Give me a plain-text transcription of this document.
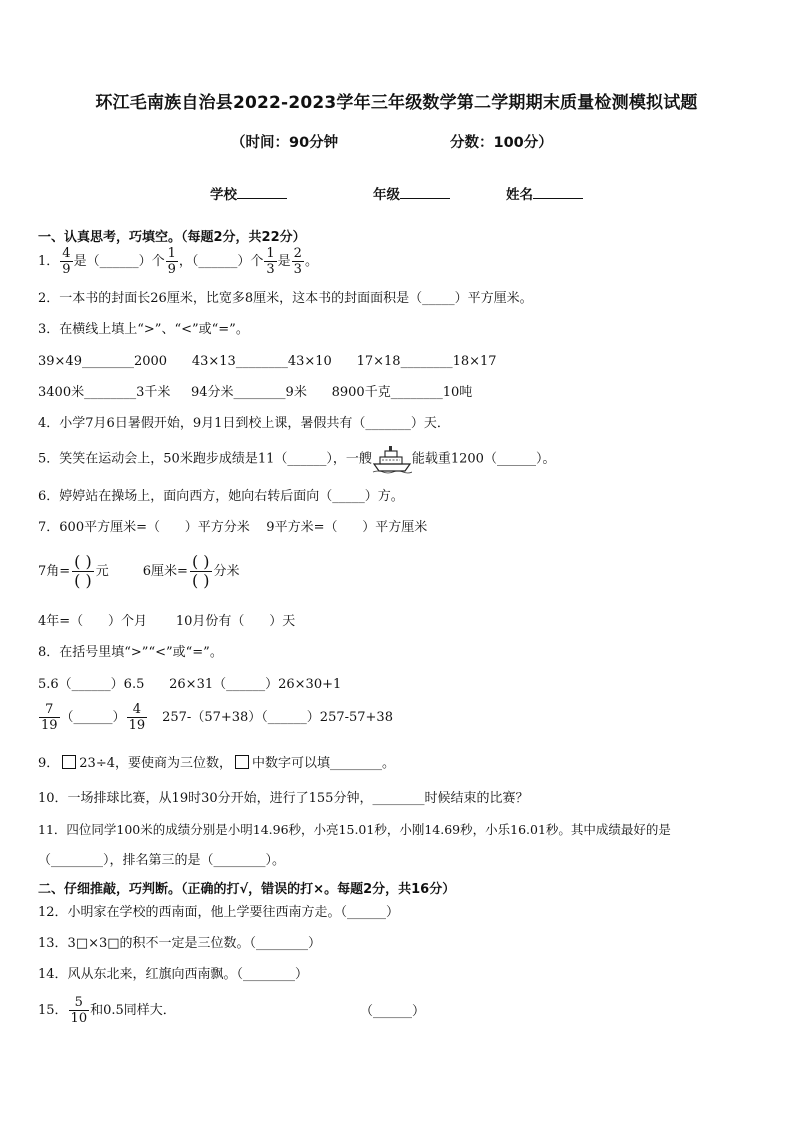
环江毛南族自治县2022-2023学年三年级数学第二学期期末质量检测模拟试题
（时间：90分钟	分数：100分）
学校	年级	姓名
一、认真思考，巧填空。（每题2分，共22分）
1． $\frac{4}{9}$ 是（______）个 $\frac{1}{9}$ ，（______）个 $\frac{1}{3}$ 是 $\frac{2}{3}$ 。
2．一本书的封面长26厘米，比宽多8厘米，这本书的封面面积是（_____）平方厘米。
3．在横线上填上“>”、“<”或“=”。
39×49________2000      43×13________43×10      17×18________18×17
3400米________3千米     94分米________9米      8900千克________10吨
4．小学7月6日暑假开始，9月1日到校上课，暑假共有（_______）天．
5．笑笑在运动会上，50米跑步成绩是11（______），一艘	能载重1200（______）。
6．婷婷站在操场上，面向西方，她向右转后面向（_____）方。
7．600平方厘米=（      ）平方分米    9平方米=（      ）平方厘米
7角=
( )
( ) 元	6厘米=
( )
( ) 分米
4年=（      ）个月       10月份有（      ）天
8．在括号里填“>”“<”或“=”。
5.6（______）6.5      26×31（______）26×30+1
$\frac{7}{19}$ （______） $\frac{4}{19}$ 257-（57+38）（______）257-57+38
9． 23÷4，要使商为三位数， 中数字可以填________。
10．一场排球比赛，从19时30分开始，进行了155分钟，________时候结束的比赛？
11．四位同学100米的成绩分别是小明14.96秒，小亮15.01秒，小刚14.69秒，小乐16.01秒。其中成绩最好的是
（________），排名第三的是（________）。
二、仔细推敲，巧判断。（正确的打√，错误的打×。每题2分，共16分）
12．小明家在学校的西南面，他上学要往西南方走。（______）
13．3□×3□的积不一定是三位数。（________）
14．风从东北来，红旗向西南飘。（________）
15． $\frac{5}{10}$ 和0.5同样大．	（______）
